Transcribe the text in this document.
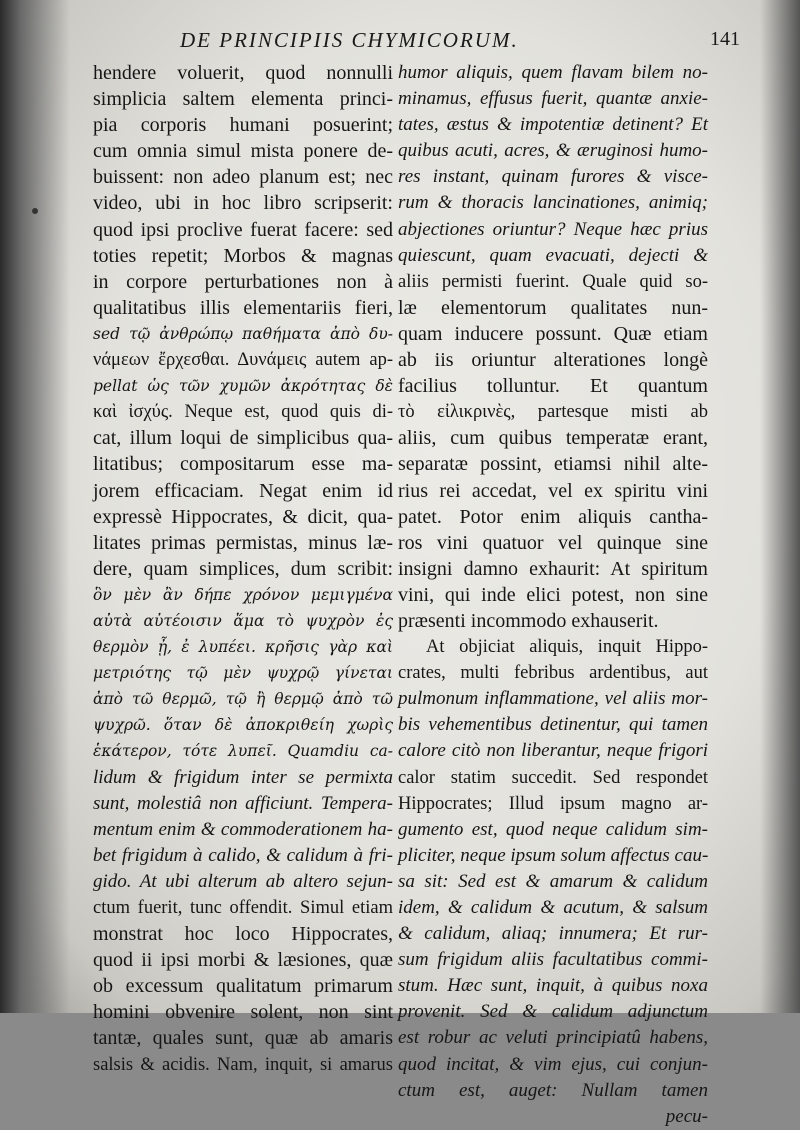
DE PRINCIPIIS CHYMICORUM.	141
hendere voluerit, quod nonnulli
simplicia saltem elementa princi-
pia corporis humani posuerint;
cum omnia simul mista ponere de-
buissent: non adeo planum est; nec
video, ubi in hoc libro scripserit:
quod ipsi proclive fuerat facere: sed
toties repetit; Morbos & magnas
in corpore perturbationes non à
qualitatibus illis elementariis fieri,
sed τῷ ἀνθρώπῳ παθήματα ἀπὸ δυ-
νάμεων ἔρχεσθαι. Δυνάμεις autem ap-
pellat ὡς τῶν χυμῶν ἀκρότητας δὲ
καὶ ἰσχύς. Neque est, quod quis di-
cat, illum loqui de simplicibus qua-
litatibus; compositarum esse ma-
jorem efficaciam. Negat enim id
expressè Hippocrates, & dicit, qua-
litates primas permistas, minus læ-
dere, quam simplices, dum scribit:
ὃν μὲν ἂν δήπε χρόνον μεμιγμένα
αὐτὰ αὐτέοισιν ἅμα τὸ ψυχρὸν ἐς
θερμὸν ᾖ, ἐ λυπέει. κρῆσις γὰρ καὶ
μετριότης τῷ μὲν ψυχρῷ γίνεται
ἀπὸ τῶ θερμῶ, τῷ ἢ θερμῷ ἀπὸ τῶ
ψυχρῶ. ὅταν δὲ ἀποκριθείη χωρὶς
ἑκάτερον, τότε λυπεῖ. Quamdiu ca-
lidum & frigidum inter se permixta
sunt, molestiâ non afficiunt. Tempera-
mentum enim & commoderationem ha-
bet frigidum à calido, & calidum à fri-
gido. At ubi alterum ab altero sejun-
ctum fuerit, tunc offendit. Simul etiam
monstrat hoc loco Hippocrates,
quod ii ipsi morbi & læsiones, quæ
ob excessum qualitatum primarum
homini obvenire solent, non sint
tantæ, quales sunt, quæ ab amaris
salsis & acidis. Nam, inquit, si amarus
humor aliquis, quem flavam bilem no-
minamus, effusus fuerit, quantæ anxie-
tates, æstus & impotentiæ detinent? Et
quibus acuti, acres, & æruginosi humo-
res instant, quinam furores & visce-
rum & thoracis lancinationes, animiq;
abjectiones oriuntur? Neque hæc prius
quiescunt, quam evacuati, dejecti &
aliis permisti fuerint. Quale quid so-
læ elementorum qualitates nun-
quam inducere possunt. Quæ etiam
ab iis oriuntur alterationes longè
facilius tolluntur. Et quantum
τὸ εἰλικρινὲς, partesque misti ab
aliis, cum quibus temperatæ erant,
separatæ possint, etiamsi nihil alte-
rius rei accedat, vel ex spiritu vini
patet. Potor enim aliquis cantha-
ros vini quatuor vel quinque sine
insigni damno exhaurit: At spiritum
vini, qui inde elici potest, non sine
præsenti incommodo exhauserit.
At objiciat aliquis, inquit Hippo-
crates, multi febribus ardentibus, aut
pulmonum inflammatione, vel aliis mor-
bis vehementibus detinentur, qui tamen
calore citò non liberantur, neque frigori
calor statim succedit. Sed respondet
Hippocrates; Illud ipsum magno ar-
gumento est, quod neque calidum sim-
pliciter, neque ipsum solum affectus cau-
sa sit: Sed est & amarum & calidum
idem, & calidum & acutum, & salsum
& calidum, aliaq; innumera; Et rur-
sum frigidum aliis facultatibus commi-
stum. Hæc sunt, inquit, à quibus noxa
provenit. Sed & calidum adjunctum
est robur ac veluti principiatû habens,
quod incitat, & vim ejus, cui conjun-
ctum est, auget: Nullam tamen
pecu-
